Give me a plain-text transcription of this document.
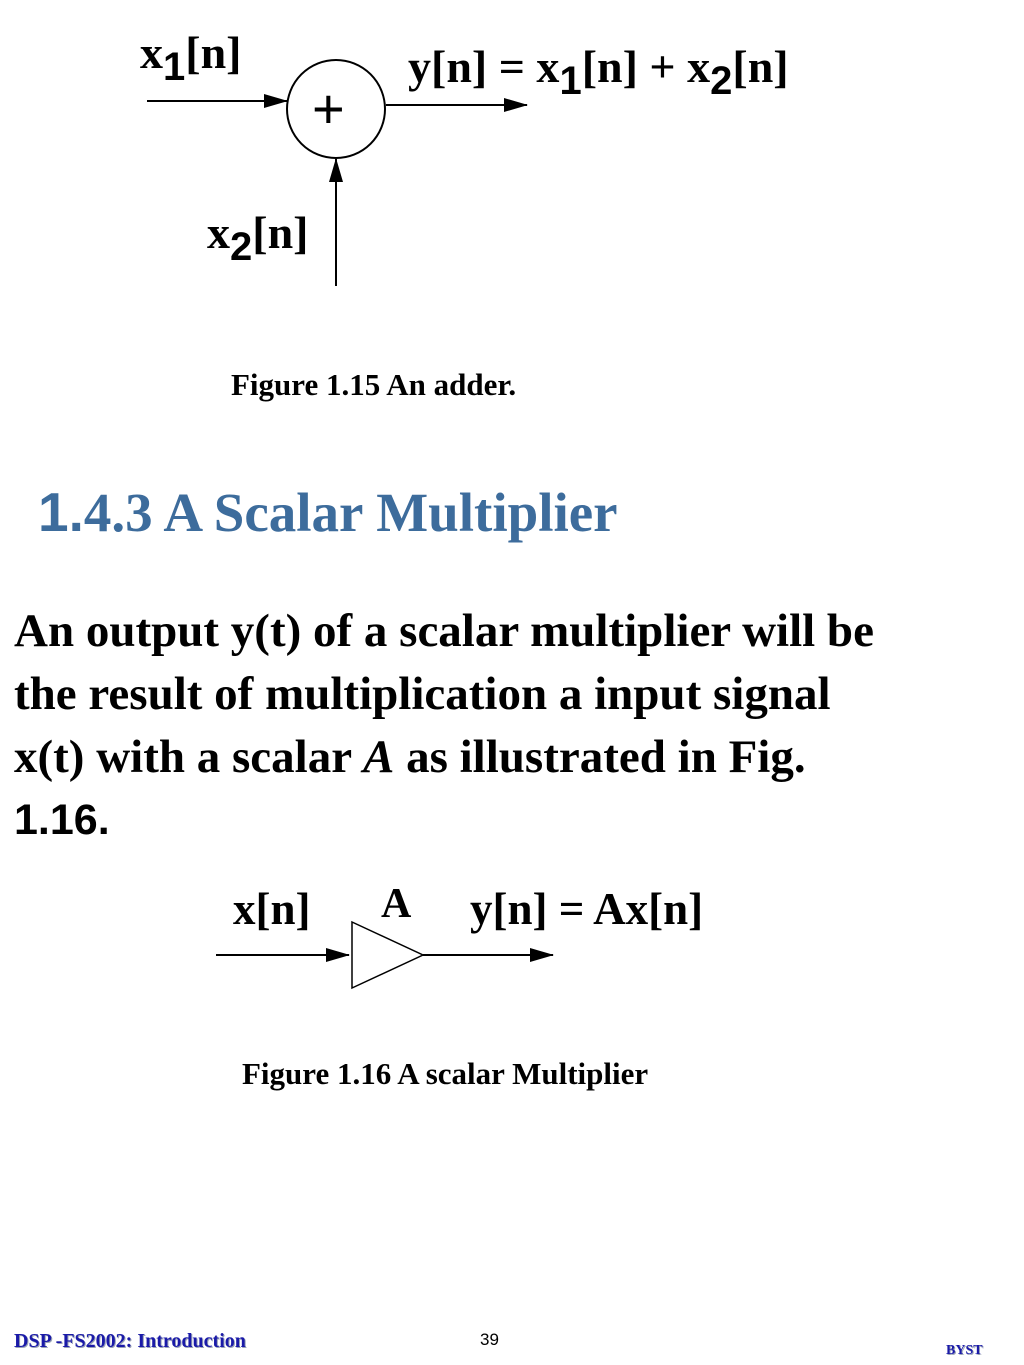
x1[n]
+
y[n] = x1[n] + x2[n]
x2[n]
Figure 1.15 An adder.
1.4.3 A Scalar Multiplier
An output y(t) of a scalar multiplier will be
the result of multiplication a input signal
x(t) with a scalar A as illustrated in Fig.
1.16.
x[n] A y[n] = Ax[n]
Figure 1.16 A scalar Multiplier
DSP -FS2002: Introduction	39
BYST
